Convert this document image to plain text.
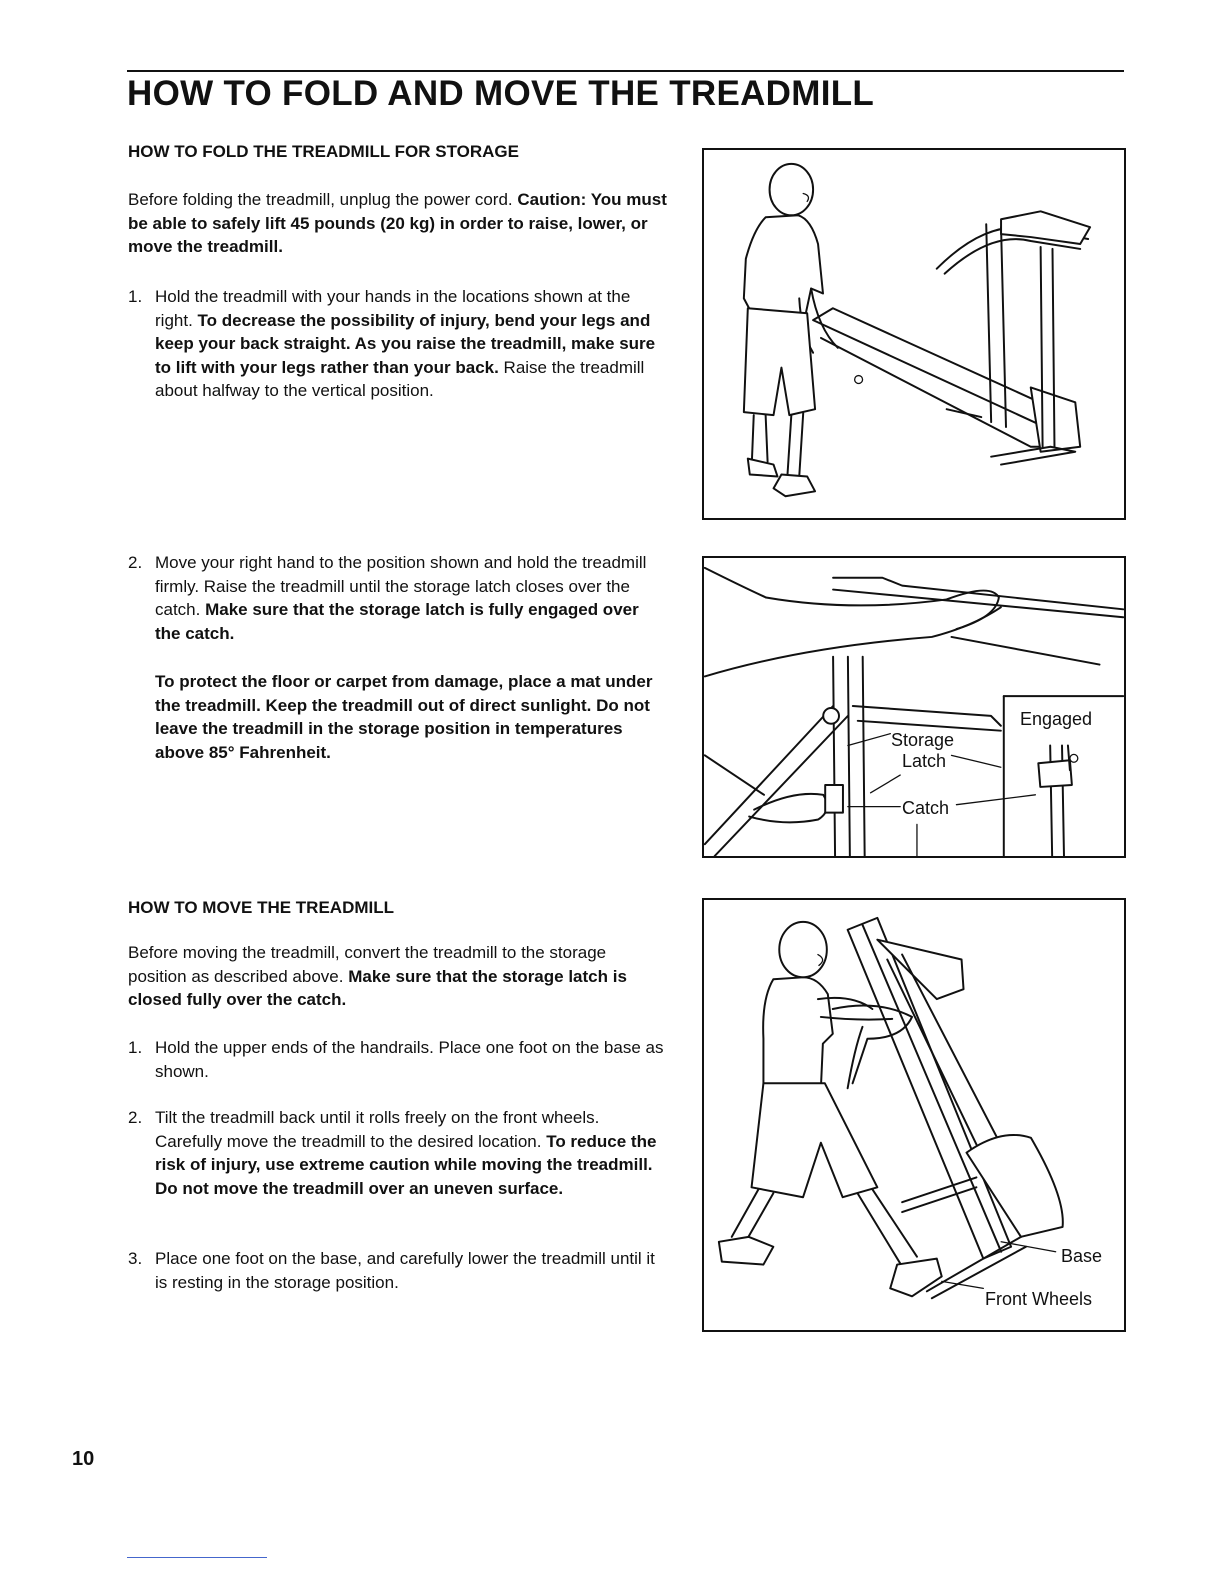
HOW TO FOLD AND MOVE THE TREADMILL
HOW TO FOLD THE TREADMILL FOR STORAGE

Before folding the treadmill, unplug the power cord. Caution: You must be able to safely lift 45 pounds (20 kg) in order to raise, lower, or move the treadmill.

1. Hold the treadmill with your hands in the locations shown at the right. To decrease the possibility of injury, bend your legs and keep your back straight. As you raise the treadmill, make sure to lift with your legs rather than your back. Raise the treadmill about halfway to the vertical position.
2. Move your right hand to the position shown and hold the treadmill firmly. Raise the treadmill until the storage latch closes over the catch. Make sure that the storage latch is fully engaged over the catch.

To protect the floor or carpet from damage, place a mat under the treadmill. Keep the treadmill out of direct sunlight. Do not leave the treadmill in the storage position in temperatures above 85° Fahrenheit.

HOW TO MOVE THE TREADMILL

Before moving the treadmill, convert the treadmill to the storage position as described above. Make sure that the storage latch is closed fully over the catch.

1. Hold the upper ends of the handrails. Place one foot on the base as shown.
2. Tilt the treadmill back until it rolls freely on the front wheels. Carefully move the treadmill to the desired location. To reduce the risk of injury, use extreme caution while moving the treadmill. Do not move the treadmill over an uneven surface.
3. Place one foot on the base, and carefully lower the treadmill until it is resting in the storage position.
Engaged
Storage
Latch
Catch
Base
Front Wheels
10
